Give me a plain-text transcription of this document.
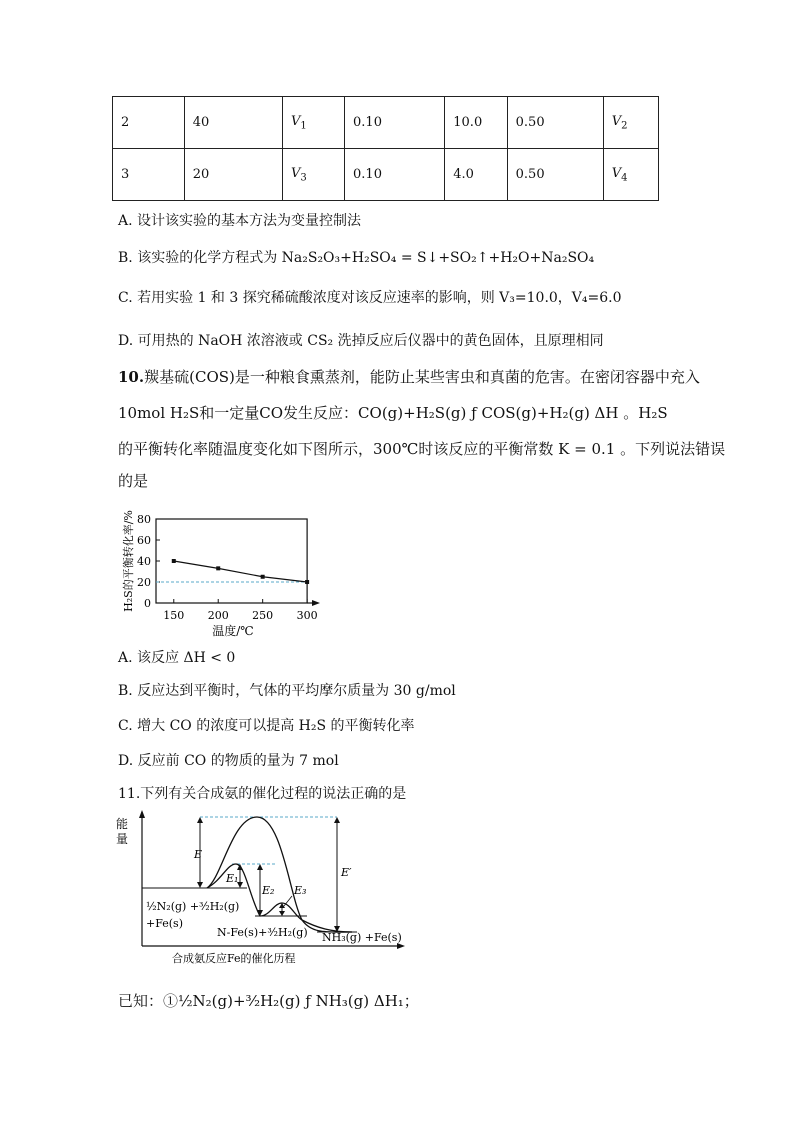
2	40	$V_1$	0.10	10.0	0.50	$V_2$
3	20	$V_3$	0.10	4.0	0.50	$V_4$
A. 设计该实验的基本方法为变量控制法
B. 该实验的化学方程式为 Na₂S₂O₃+H₂SO₄ = S↓+SO₂↑+H₂O+Na₂SO₄
C. 若用实验 1 和 3 探究稀硫酸浓度对该反应速率的影响，则 V₃=10.0，V₄=6.0
D. 可用热的 NaOH 浓溶液或 CS₂ 洗掉反应后仪器中的黄色固体，且原理相同
10.羰基硫(COS)是一种粮食熏蒸剂，能防止某些害虫和真菌的危害。在密闭容器中充入
10mol H₂S和一定量CO发生反应：CO(g)+H₂S(g) ƒ COS(g)+H₂(g) ΔH 。H₂S
的平衡转化率随温度变化如下图所示，300℃时该反应的平衡常数 K = 0.1 。下列说法错误
的是
0
20
40
60
80
150 200 250 300
温度/℃
H₂S的平衡转化率/%
A. 该反应 ΔH < 0
B. 反应达到平衡时，气体的平均摩尔质量为 30 g/mol
C. 增大 CO 的浓度可以提高 H₂S 的平衡转化率
D. 反应前 CO 的物质的量为 7 mol
11.下列有关合成氨的催化过程的说法正确的是
能
量
E
E₁
E₂ E₃
E′
½N₂(g) +³⁄₂H₂(g)
+Fe(s)
N-Fe(s)+³⁄₂H₂(g) NH₃(g) +Fe(s)
合成氨反应Fe的催化历程
已知：①½N₂(g)+³⁄₂H₂(g) ƒ NH₃(g) ΔH₁；
